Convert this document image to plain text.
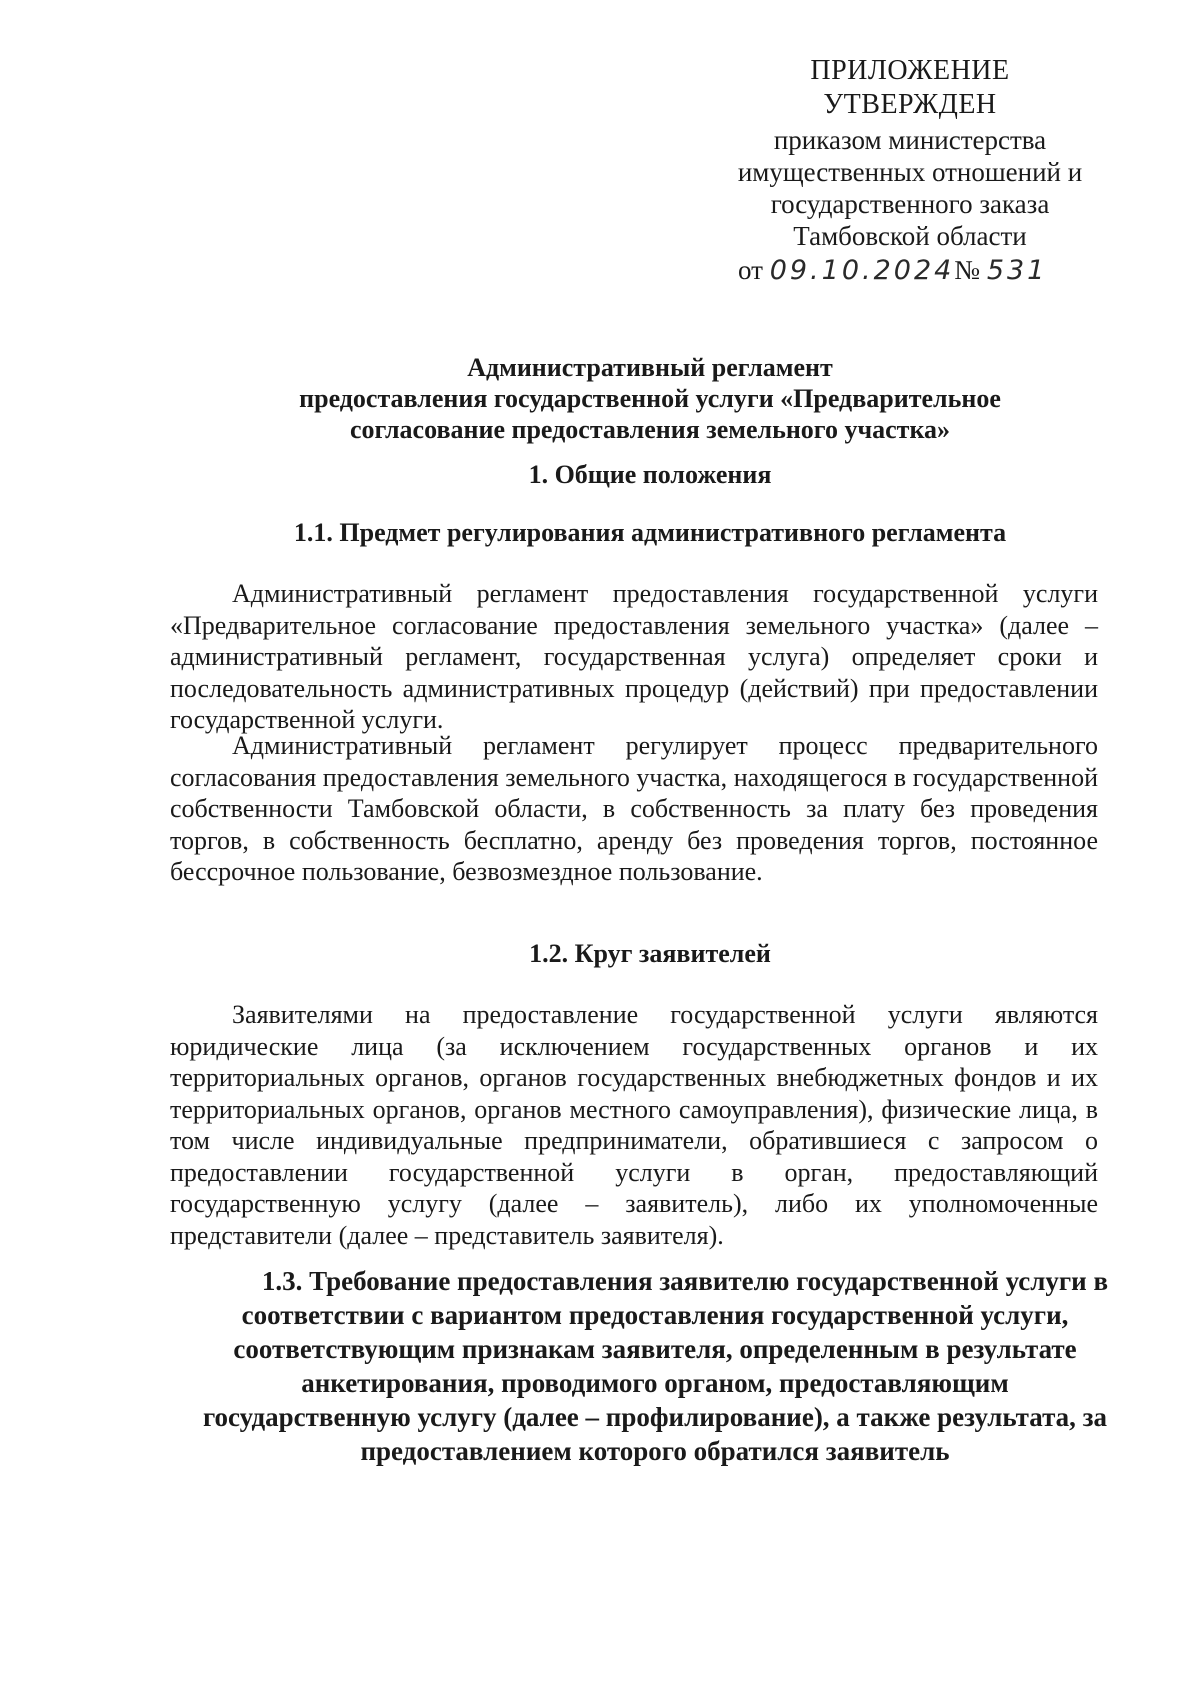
ПРИЛОЖЕНИЕ
УТВЕРЖДЕН
приказом министерства
имущественных отношений и
государственного заказа
Тамбовской области
от 09.10.2024№ 531
Административный регламент
предоставления государственной услуги «Предварительное
согласование предоставления земельного участка»
1. Общие положения
1.1. Предмет регулирования административного регламента

Административный регламент предоставления государственной услуги «Предварительное согласование предоставления земельного участка» (далее – административный регламент, государственная услуга) определяет сроки и последовательность административных процедур (действий) при предоставлении государственной услуги.

Административный регламент регулирует процесс предварительного согласования предоставления земельного участка, находящегося в государственной собственности Тамбовской области, в собственность за плату без проведения торгов, в собственность бесплатно, аренду без проведения торгов, постоянное бессрочное пользование, безвозмездное пользование.

1.2. Круг заявителей

Заявителями на предоставление государственной услуги являются юридические лица (за исключением государственных органов и их территориальных органов, органов государственных внебюджетных фондов и их территориальных органов, органов местного самоуправления), физические лица, в том числе индивидуальные предприниматели, обратившиеся с запросом о предоставлении государственной услуги в орган, предоставляющий государственную услугу (далее – заявитель), либо их уполномоченные представители (далее – представитель заявителя).

1.3. Требование предоставления заявителю государственной услуги в
соответствии с вариантом предоставления государственной услуги,
соответствующим признакам заявителя, определенным в результате
анкетирования, проводимого органом, предоставляющим
государственную услугу (далее – профилирование), а также результата, за
предоставлением которого обратился заявитель
